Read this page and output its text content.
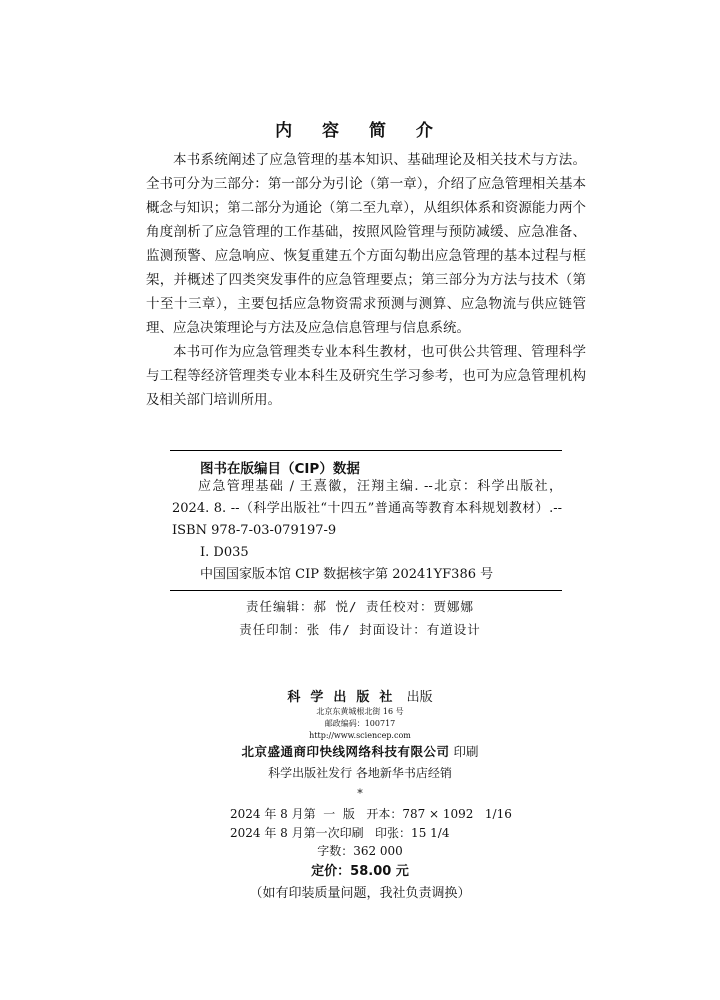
内 容 简 介

本书系统阐述了应急管理的基本知识、基础理论及相关技术与方法。全书可分为三部分：第一部分为引论（第一章），介绍了应急管理相关基本概念与知识；第二部分为通论（第二至九章），从组织体系和资源能力两个角度剖析了应急管理的工作基础，按照风险管理与预防减缓、应急准备、监测预警、应急响应、恢复重建五个方面勾勒出应急管理的基本过程与框架，并概述了四类突发事件的应急管理要点；第三部分为方法与技术（第十至十三章），主要包括应急物资需求预测与测算、应急物流与供应链管理、应急决策理论与方法及应急信息管理与信息系统。

本书可作为应急管理类专业本科生教材，也可供公共管理、管理科学与工程等经济管理类专业本科生及研究生学习参考，也可为应急管理机构及相关部门培训所用。

图书在版编目（CIP）数据

应急管理基础 / 王熹徽，汪翔主编. --北京：科学出版社，2024. 8. --（科学出版社“十四五”普通高等教育本科规划教材）.--ISBN 978-7-03-079197-9

Ⅰ. D035

中国国家版本馆 CIP 数据核字第 20241YF386 号

责任编辑：郝 悦/ 责任校对：贾娜娜
责任印制：张 伟/ 封面设计：有道设计
科学出版社 出版
北京东黄城根北街 16 号
邮政编码：100717
http://www.sciencep.com
北京盛通商印快线网络科技有限公司 印刷
科学出版社发行 各地新华书店经销
*
2024 年 8 月第  一  版   开本：787 × 1092   1/16
2024 年 8 月第一次印刷   印张：15 1/4
字数：362 000
定价：58.00 元
（如有印装质量问题，我社负责调换）
